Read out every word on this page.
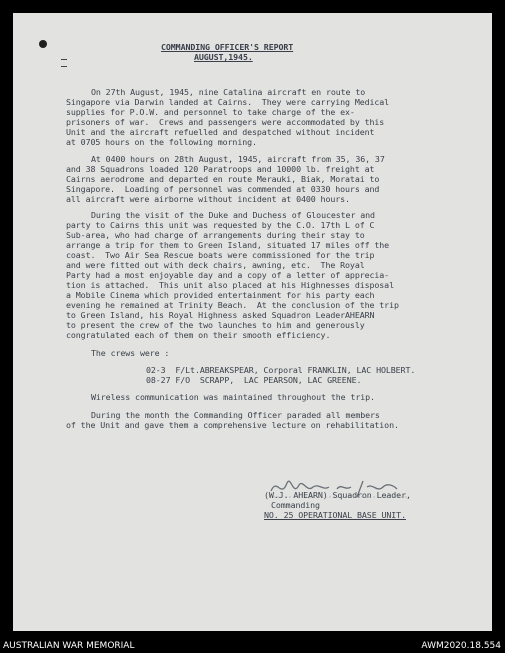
COMMANDING OFFICER'S REPORT
AUGUST,1945.
On 27th August, 1945, nine Catalina aircraft en route to
Singapore via Darwin landed at Cairns.  They were carrying Medical
supplies for P.O.W. and personnel to take charge of the ex-
prisoners of war.  Crews and passengers were accommodated by this
Unit and the aircraft refuelled and despatched without incident
at 0705 hours on the following morning.
At 0400 hours on 28th August, 1945, aircraft from 35, 36, 37
and 38 Squadrons loaded 120 Paratroops and 10000 lb. freight at
Cairns aerodrome and departed en route Merauki, Biak, Moratai to
Singapore.  Loading of personnel was commended at 0330 hours and
all aircraft were airborne without incident at 0400 hours.
During the visit of the Duke and Duchess of Gloucester and
party to Cairns this unit was requested by the C.O. 17th L of C
Sub-area, who had charge of arrangements during their stay to
arrange a trip for them to Green Island, situated 17 miles off the
coast.  Two Air Sea Rescue boats were commissioned for the trip
and were fitted out with deck chairs, awning, etc.  The Royal
Party had a most enjoyable day and a copy of a letter of apprecia-
tion is attached.  This unit also placed at his Highnesses disposal
a Mobile Cinema which provided entertainment for his party each
evening he remained at Trinity Beach.  At the conclusion of the trip
to Green Island, his Royal Highness asked Squadron LeaderAHEARN
to present the crew of the two launches to him and generously
congratulated each of them on their smooth efficiency.
The crews were :
02-3  F/Lt.ABREAKSPEAR, Corporal FRANKLIN, LAC HOLBERT.
08-27 F/O  SCRAPP,  LAC PEARSON, LAC GREENE.
Wireless communication was maintained throughout the trip.
During the month the Commanding Officer paraded all members
of the Unit and gave them a comprehensive lecture on rehabilitation.
(W.J. AHEARN) Squadron Leader,
Commanding
NO. 25 OPERATIONAL BASE UNIT.
AUSTRALIAN WAR MEMORIAL	AWM2020.18.554
